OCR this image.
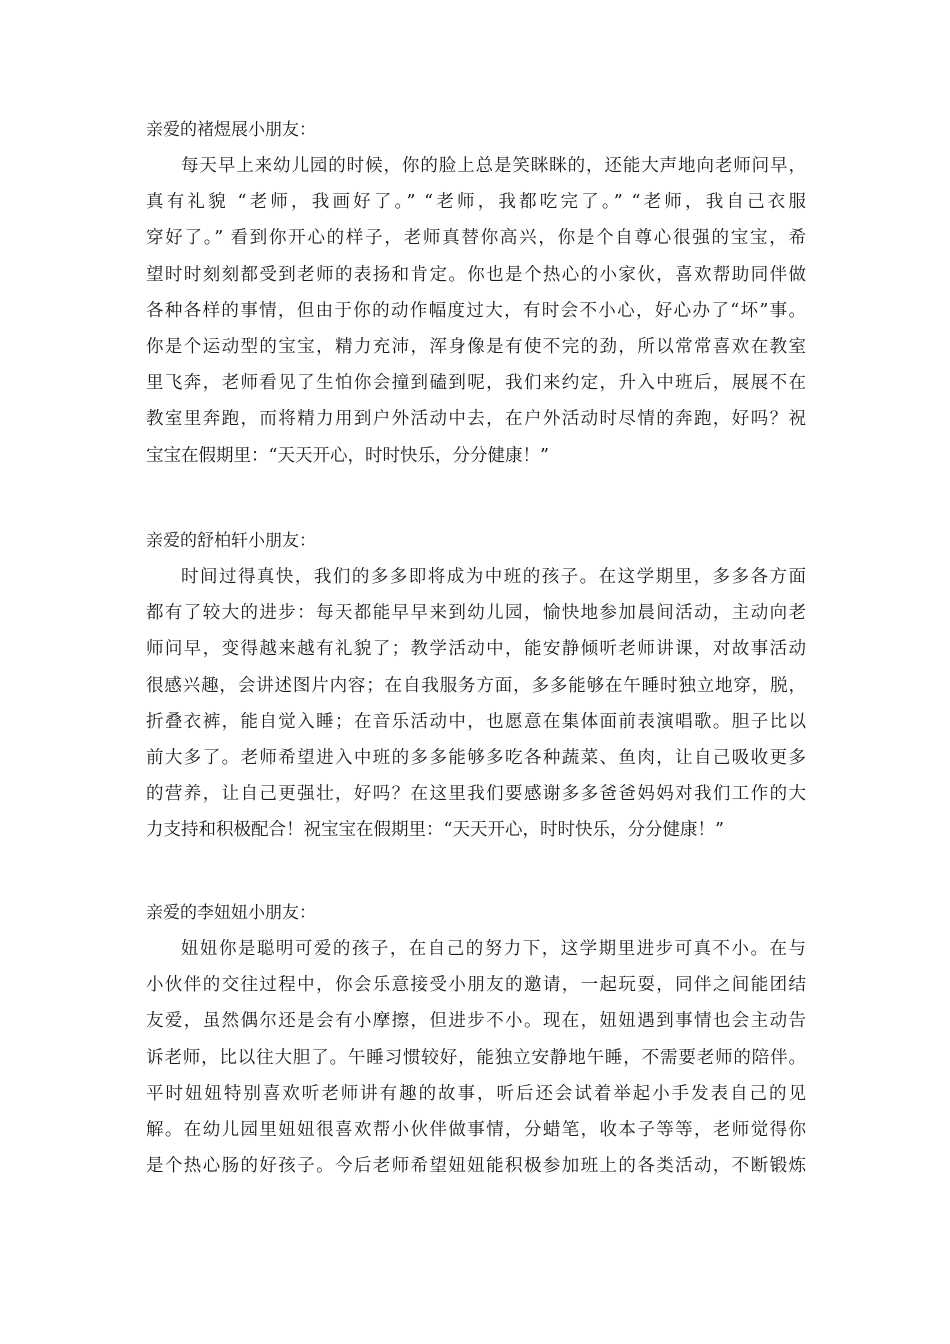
亲爱的褚煜展小朋友：

每天早上来幼儿园的时候，你的脸上总是笑眯眯的，还能大声地向老师问早，

真有礼貌 “老师，我画好了。” “老师，我都吃完了。” “老师，我自己衣服

穿好了。” 看到你开心的样子，老师真替你高兴，你是个自尊心很强的宝宝，希

望时时刻刻都受到老师的表扬和肯定。你也是个热心的小家伙，喜欢帮助同伴做

各种各样的事情，但由于你的动作幅度过大，有时会不小心，好心办了“坏”事。

你是个运动型的宝宝，精力充沛，浑身像是有使不完的劲，所以常常喜欢在教室

里飞奔，老师看见了生怕你会撞到磕到呢，我们来约定，升入中班后，展展不在

教室里奔跑，而将精力用到户外活动中去，在户外活动时尽情的奔跑，好吗？祝

宝宝在假期里：“天天开心，时时快乐，分分健康！”

亲爱的舒柏轩小朋友：

时间过得真快，我们的多多即将成为中班的孩子。在这学期里，多多各方面

都有了较大的进步：每天都能早早来到幼儿园，愉快地参加晨间活动，主动向老

师问早，变得越来越有礼貌了；教学活动中，能安静倾听老师讲课，对故事活动

很感兴趣，会讲述图片内容；在自我服务方面，多多能够在午睡时独立地穿，脱，

折叠衣裤，能自觉入睡；在音乐活动中，也愿意在集体面前表演唱歌。胆子比以

前大多了。老师希望进入中班的多多能够多吃各种蔬菜、鱼肉，让自己吸收更多

的营养，让自己更强壮，好吗？在这里我们要感谢多多爸爸妈妈对我们工作的大

力支持和积极配合！祝宝宝在假期里：“天天开心，时时快乐，分分健康！”

亲爱的李妞妞小朋友：

妞妞你是聪明可爱的孩子，在自己的努力下，这学期里进步可真不小。在与

小伙伴的交往过程中，你会乐意接受小朋友的邀请，一起玩耍，同伴之间能团结

友爱，虽然偶尔还是会有小摩擦，但进步不小。现在，妞妞遇到事情也会主动告

诉老师，比以往大胆了。午睡习惯较好，能独立安静地午睡，不需要老师的陪伴。

平时妞妞特别喜欢听老师讲有趣的故事，听后还会试着举起小手发表自己的见

解。在幼儿园里妞妞很喜欢帮小伙伴做事情，分蜡笔，收本子等等，老师觉得你

是个热心肠的好孩子。今后老师希望妞妞能积极参加班上的各类活动，不断锻炼
